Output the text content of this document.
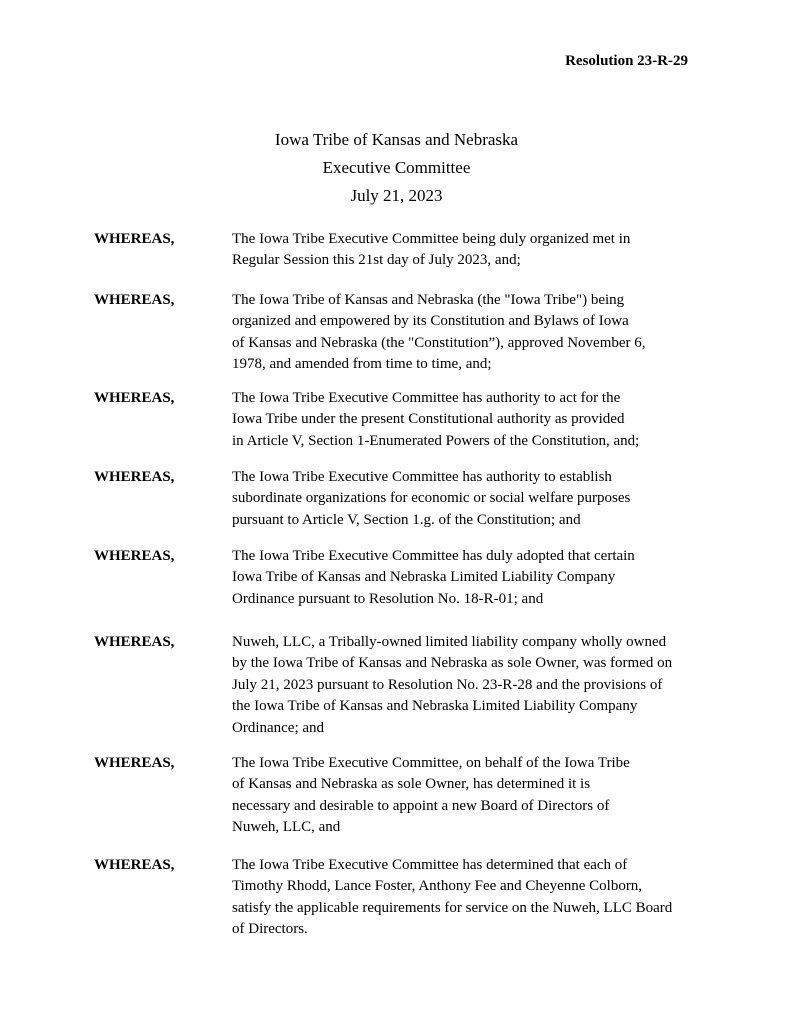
Resolution 23-R-29
Iowa Tribe of Kansas and Nebraska
Executive Committee
July 21, 2023
WHEREAS,	The Iowa Tribe Executive Committee being duly organized met in
Regular Session this 21st day of July 2023, and;
WHEREAS,	The Iowa Tribe of Kansas and Nebraska (the "Iowa Tribe") being
organized and empowered by its Constitution and Bylaws of Iowa
of Kansas and Nebraska (the "Constitution”), approved November 6,
1978, and amended from time to time, and;
WHEREAS,	The Iowa Tribe Executive Committee has authority to act for the
Iowa Tribe under the present Constitutional authority as provided
in Article V, Section 1-Enumerated Powers of the Constitution, and;
WHEREAS,	The Iowa Tribe Executive Committee has authority to establish
subordinate organizations for economic or social welfare purposes
pursuant to Article V, Section 1.g. of the Constitution; and
WHEREAS,	The Iowa Tribe Executive Committee has duly adopted that certain
Iowa Tribe of Kansas and Nebraska Limited Liability Company
Ordinance pursuant to Resolution No. 18-R-01; and
WHEREAS,	Nuweh, LLC, a Tribally-owned limited liability company wholly owned
by the Iowa Tribe of Kansas and Nebraska as sole Owner, was formed on
July 21, 2023 pursuant to Resolution No. 23-R-28 and the provisions of
the Iowa Tribe of Kansas and Nebraska Limited Liability Company
Ordinance; and
WHEREAS,	The Iowa Tribe Executive Committee, on behalf of the Iowa Tribe
of Kansas and Nebraska as sole Owner, has determined it is
necessary and desirable to appoint a new Board of Directors of
Nuweh, LLC, and
WHEREAS,	The Iowa Tribe Executive Committee has determined that each of
Timothy Rhodd, Lance Foster, Anthony Fee and Cheyenne Colborn,
satisfy the applicable requirements for service on the Nuweh, LLC Board
of Directors.
